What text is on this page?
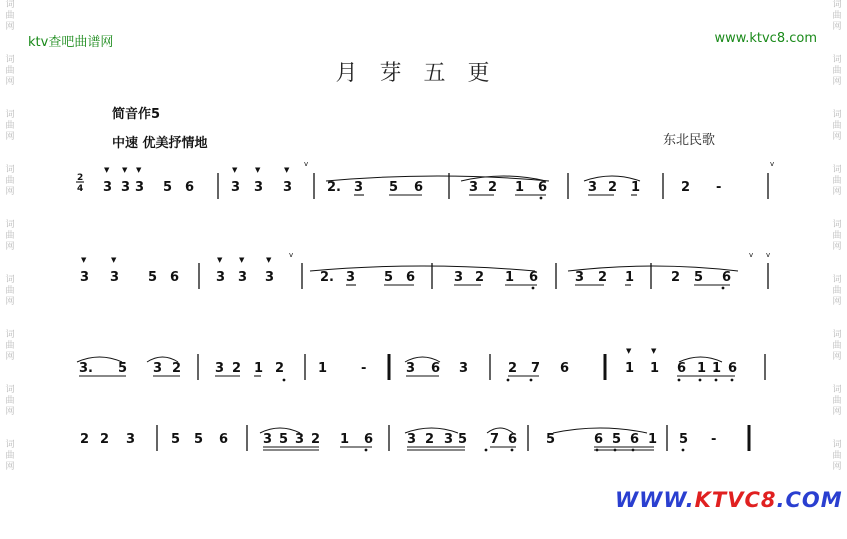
词
曲
网

词
曲
网

词
曲
网

词
曲
网

词
曲
网

词
曲
网

词
曲
网

词
曲
网

词
曲
网

词
曲
网

词
曲
网

词
曲
网

词
曲
网

词
曲
网

词
曲
网

词
曲
网

词
曲
网

词
曲
网

ktv查吧曲谱网	www.ktvc8.com
月芽五更
简音作5
中速 优美抒情地	东北民歌
2
4 3 3 3 5 6	3 3 3	2. 3 5 6	3 2 1 6	3 2 1	2 -
3 3 5 6	3 3 3	2. 3 5 6	3 2 1 6	3 2 1	2 5 6
3. 5 3 2	3 2 1 2	1	-	3 6 3	2 7 6	1 1 6 1 1 6
2 2 3	5 5 6	3 5 3 2 1 6	3 2 3 5 7 6 5	6 5 6 1 5 -
v	v
v	v
v
▼ ▼ ▼	▼	▼	▼
▼	▼	▼ ▼	▼
▼	▼
WWW.KTVC8.COM
